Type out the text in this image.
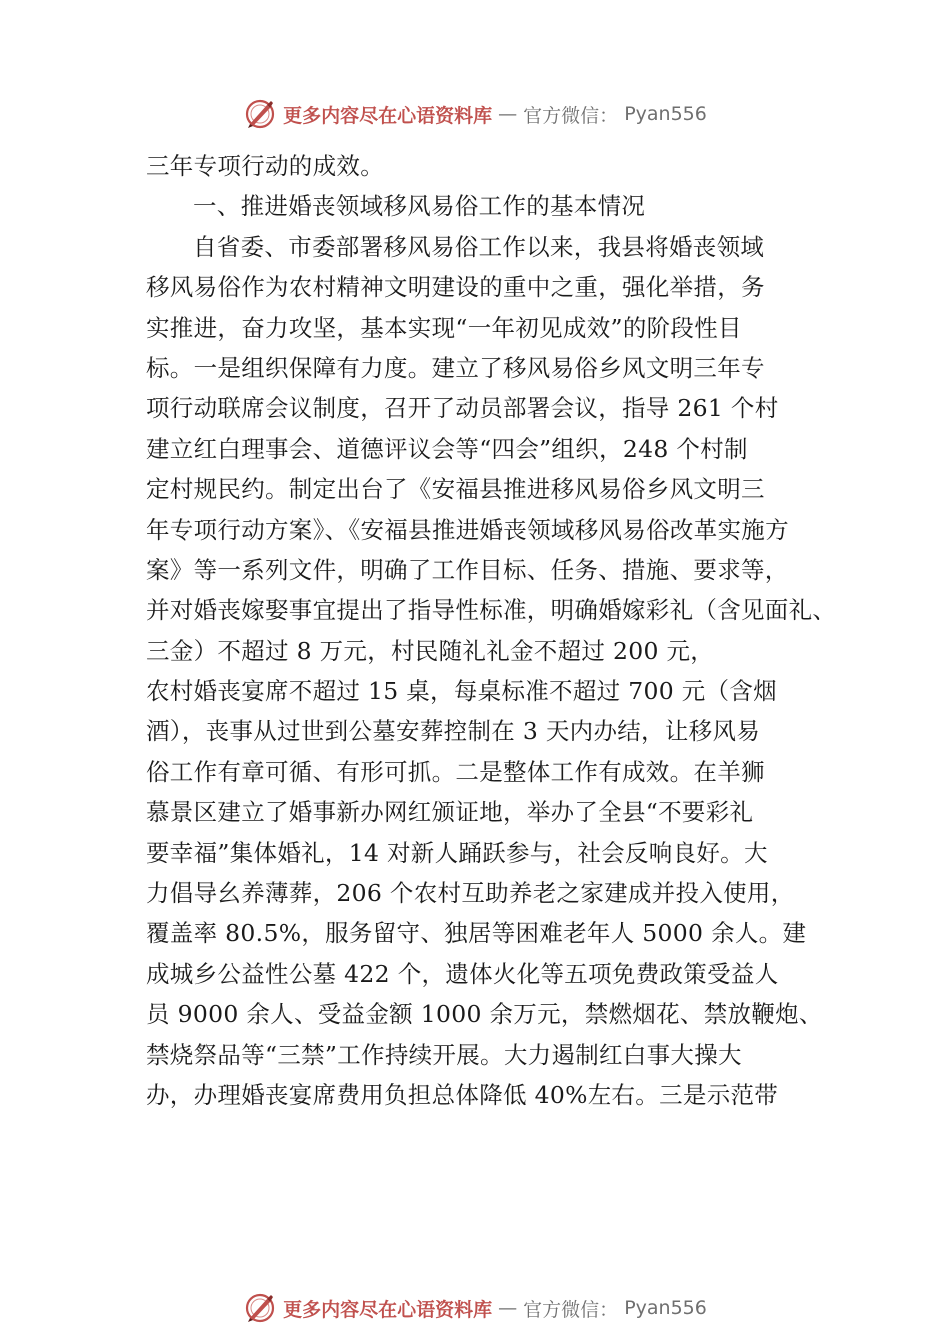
更多内容尽在心语资料库 — 官方微信： Pyan556
三年专项行动的成效。
一、推进婚丧领域移风易俗工作的基本情况
自省委、市委部署移风易俗工作以来，我县将婚丧领域
移风易俗作为农村精神文明建设的重中之重，强化举措，务
实推进，奋力攻坚，基本实现“一年初见成效”的阶段性目
标。一是组织保障有力度。建立了移风易俗乡风文明三年专
项行动联席会议制度，召开了动员部署会议，指导 261 个村
建立红白理事会、道德评议会等“四会”组织，248 个村制
定村规民约。制定出台了《安福县推进移风易俗乡风文明三
年专项行动方案》、《安福县推进婚丧领域移风易俗改革实施方
案》等一系列文件，明确了工作目标、任务、措施、要求等，
并对婚丧嫁娶事宜提出了指导性标准，明确婚嫁彩礼（含见面礼、
三金）不超过 8 万元，村民随礼礼金不超过 200 元，
农村婚丧宴席不超过 15 桌，每桌标准不超过 700 元（含烟
酒），丧事从过世到公墓安葬控制在 3 天内办结，让移风易
俗工作有章可循、有形可抓。二是整体工作有成效。在羊狮
慕景区建立了婚事新办网红颁证地，举办了全县“不要彩礼
要幸福”集体婚礼，14 对新人踊跃参与，社会反响良好。大
力倡导⺓养薄葬，206 个农村互助养老之家建成并投入使用，
覆盖率 80.5%，服务留守、独居等困难老年人 5000 余人。建
成城乡公益性公墓 422 个，遗体火化等五项免费政策受益人
员 9000 余人、受益金额 1000 余万元，禁燃烟花、禁放鞭炮、
禁烧祭品等“三禁”工作持续开展。大力遏制红白事大操大
办，办理婚丧宴席费用负担总体降低 40%左右。三是示范带
更多内容尽在心语资料库 — 官方微信： Pyan556
